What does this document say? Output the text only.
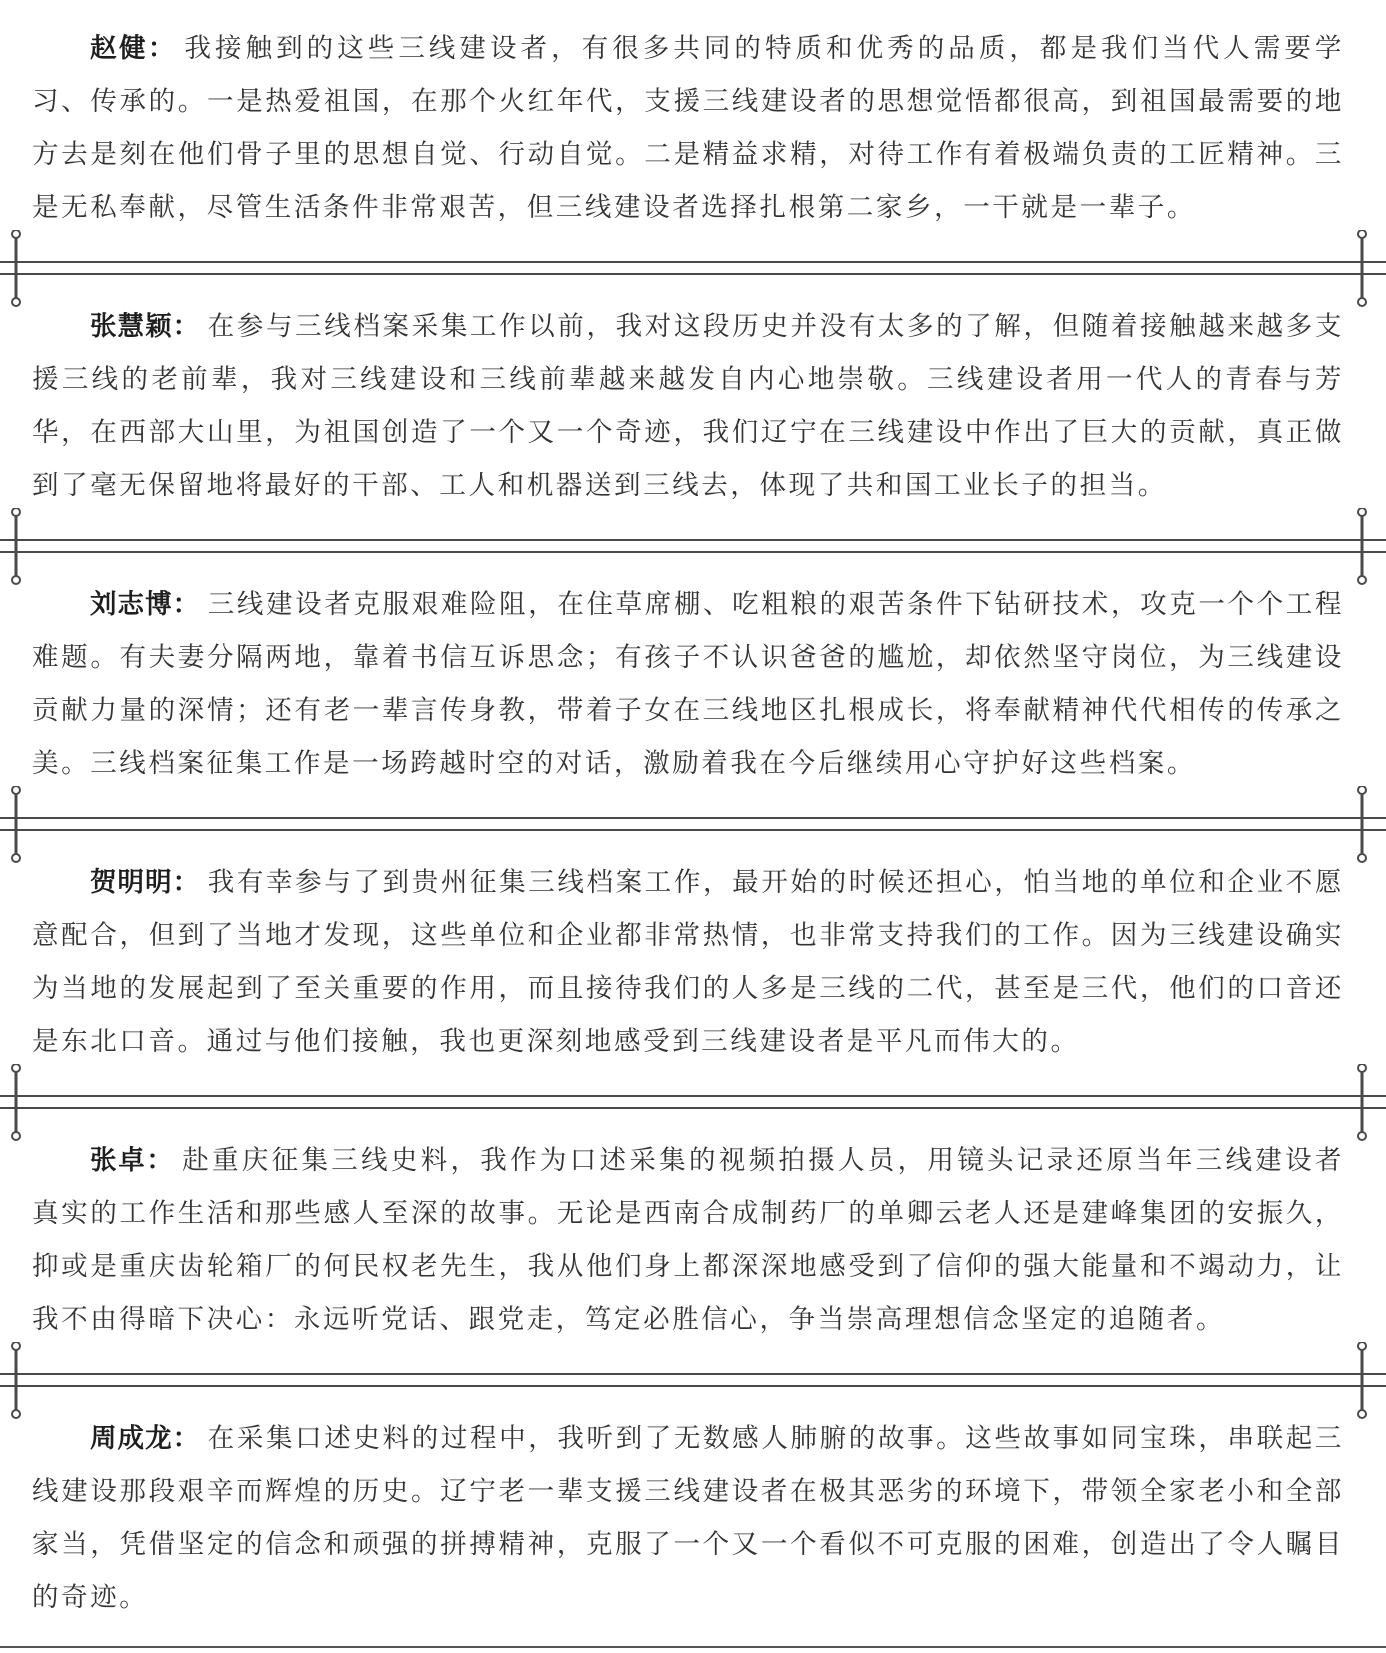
赵健： 我接触到的这些三线建设者，有很多共同的特质和优秀的品质，都是我们当代人需要学习、传承的。一是热爱祖国，在那个火红年代，支援三线建设者的思想觉悟都很高，到祖国最需要的地方去是刻在他们骨子里的思想自觉、行动自觉。二是精益求精，对待工作有着极端负责的工匠精神。三是无私奉献，尽管生活条件非常艰苦，但三线建设者选择扎根第二家乡，一干就是一辈子。

张慧颖： 在参与三线档案采集工作以前，我对这段历史并没有太多的了解，但随着接触越来越多支援三线的老前辈，我对三线建设和三线前辈越来越发自内心地崇敬。三线建设者用一代人的青春与芳华，在西部大山里，为祖国创造了一个又一个奇迹，我们辽宁在三线建设中作出了巨大的贡献，真正做到了毫无保留地将最好的干部、工人和机器送到三线去，体现了共和国工业长子的担当。

刘志博： 三线建设者克服艰难险阻，在住草席棚、吃粗粮的艰苦条件下钻研技术，攻克一个个工程难题。有夫妻分隔两地，靠着书信互诉思念；有孩子不认识爸爸的尴尬，却依然坚守岗位，为三线建设贡献力量的深情；还有老一辈言传身教，带着子女在三线地区扎根成长，将奉献精神代代相传的传承之美。三线档案征集工作是一场跨越时空的对话，激励着我在今后继续用心守护好这些档案。

贺明明： 我有幸参与了到贵州征集三线档案工作，最开始的时候还担心，怕当地的单位和企业不愿意配合，但到了当地才发现，这些单位和企业都非常热情，也非常支持我们的工作。因为三线建设确实为当地的发展起到了至关重要的作用，而且接待我们的人多是三线的二代，甚至是三代，他们的口音还是东北口音。通过与他们接触，我也更深刻地感受到三线建设者是平凡而伟大的。

张卓： 赴重庆征集三线史料，我作为口述采集的视频拍摄人员，用镜头记录还原当年三线建设者真实的工作生活和那些感人至深的故事。无论是西南合成制药厂的单卿云老人还是建峰集团的安振久，抑或是重庆齿轮箱厂的何民权老先生，我从他们身上都深深地感受到了信仰的强大能量和不竭动力，让我不由得暗下决心：永远听党话、跟党走，笃定必胜信心，争当崇高理想信念坚定的追随者。

周成龙： 在采集口述史料的过程中，我听到了无数感人肺腑的故事。这些故事如同宝珠，串联起三线建设那段艰辛而辉煌的历史。辽宁老一辈支援三线建设者在极其恶劣的环境下，带领全家老小和全部家当，凭借坚定的信念和顽强的拼搏精神，克服了一个又一个看似不可克服的困难，创造出了令人瞩目的奇迹。
